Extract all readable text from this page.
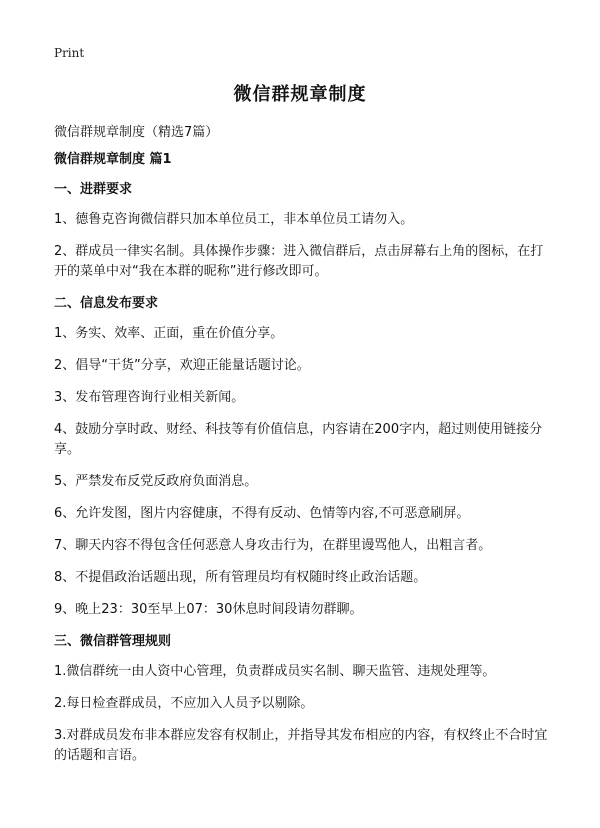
Print
微信群规章制度
微信群规章制度（精选7篇）
微信群规章制度 篇1
一、进群要求

1、德鲁克咨询微信群只加本单位员工，非本单位员工请勿入。

2、群成员一律实名制。具体操作步骤：进入微信群后，点击屏幕右上角的图标，在打开的菜单中对“我在本群的昵称”进行修改即可。

二、信息发布要求

1、务实、效率、正面，重在价值分享。

2、倡导“干货”分享，欢迎正能量话题讨论。

3、发布管理咨询行业相关新闻。

4、鼓励分享时政、财经、科技等有价值信息，内容请在200字内，超过则使用链接分享。

5、严禁发布反党反政府负面消息。

6、允许发图，图片内容健康，不得有反动、色情等内容,不可恶意刷屏。

7、聊天内容不得包含任何恶意人身攻击行为，在群里谩骂他人，出粗言者。

8、不提倡政治话题出现，所有管理员均有权随时终止政治话题。

9、晚上23：30至早上07：30休息时间段请勿群聊。

三、微信群管理规则

1.微信群统一由人资中心管理，负责群成员实名制、聊天监管、违规处理等。

2.每日检查群成员，不应加入人员予以剔除。

3.对群成员发布非本群应发容有权制止，并指导其发布相应的内容，有权终止不合时宜的话题和言语。
